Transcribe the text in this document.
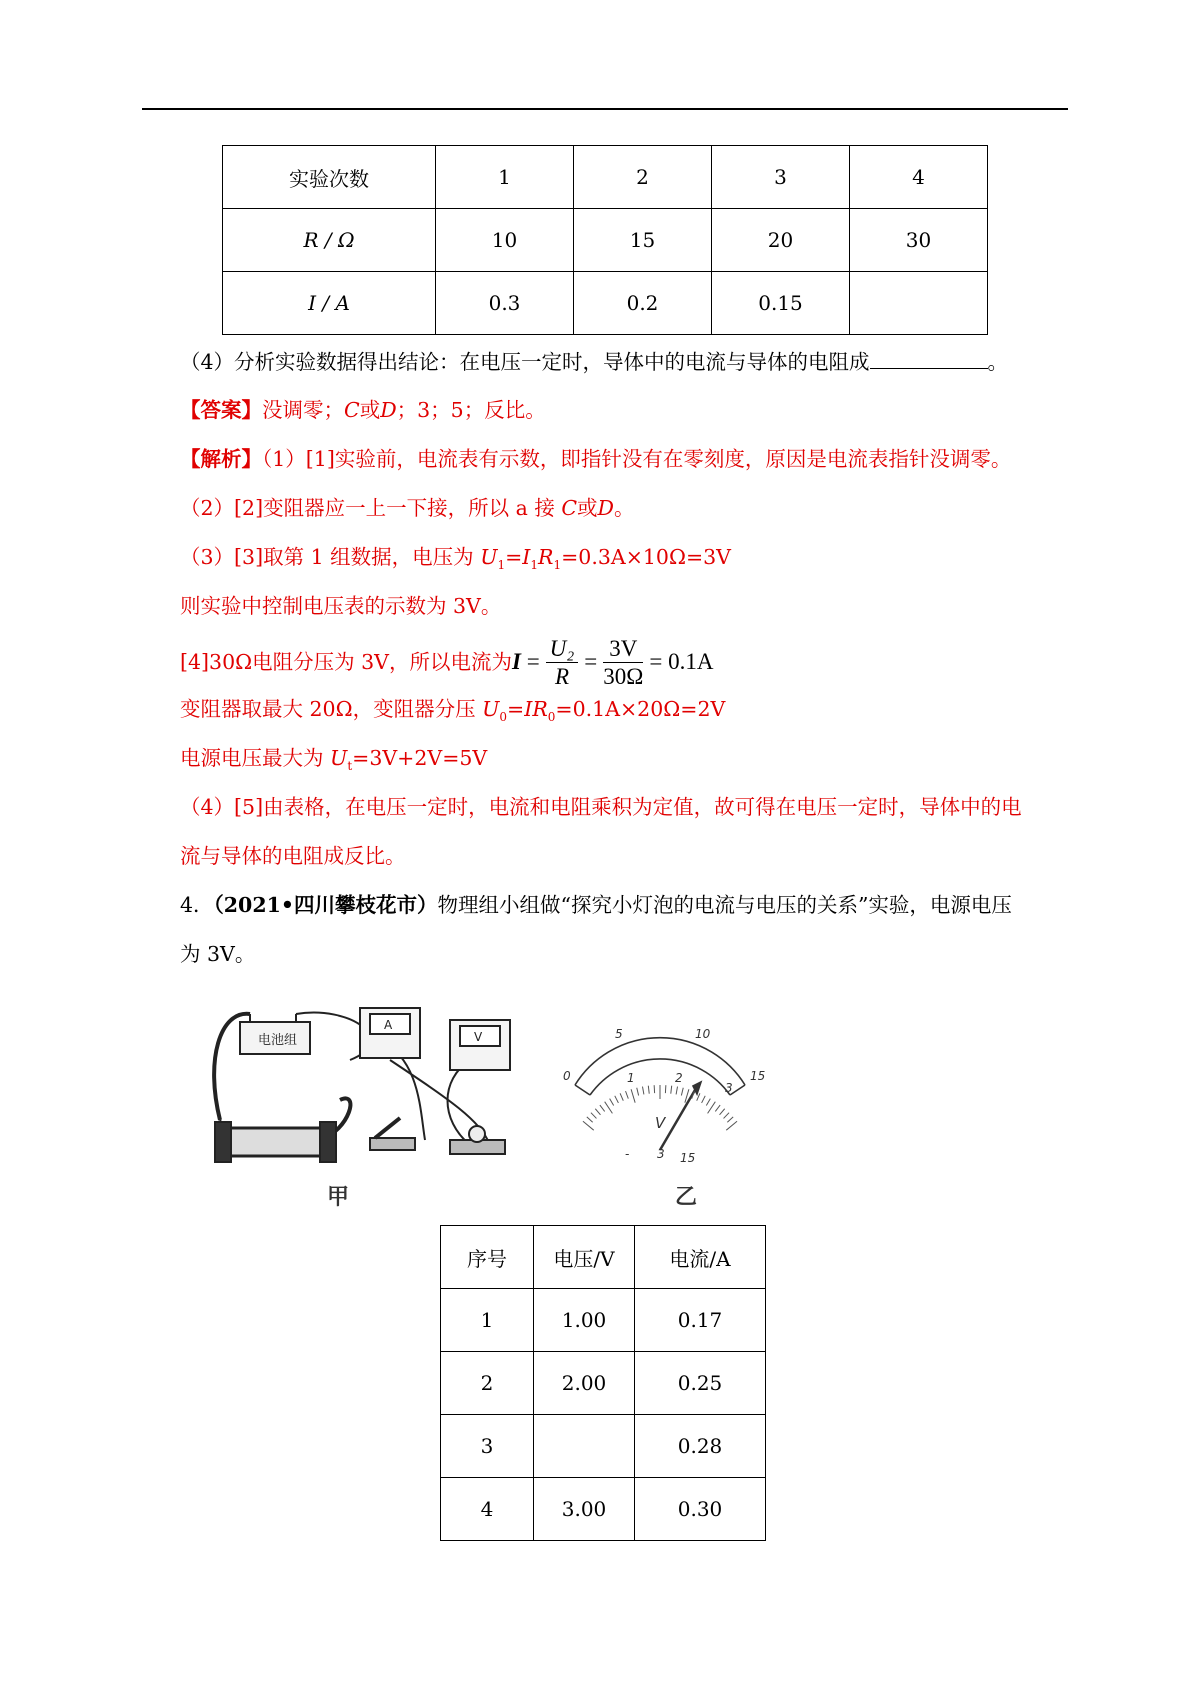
实验次数	1	2	3	4
R / Ω	10	15	20	30
I / A	0.3	0.2	0.15	
（4）分析实验数据得出结论：在电压一定时，导体中的电流与导体的电阻成	。
【答案】没调零；C或D；3；5；反比。
【解析】（1）[1]实验前，电流表有示数，即指针没有在零刻度，原因是电流表指针没调零。
（2）[2]变阻器应一上一下接，所以 a 接 C或D。
（3）[3]取第 1 组数据，电压为 $U_1=I_1R_1=0.3A\times 10\Omega=3V$
则实验中控制电压表的示数为 3V。
[4]30Ω电阻分压为 3V，所以电流为$I = \frac{\text{U₂}}{R} = \frac{3V}{30\Omega} = 0.1A$
变阻器取最大 20Ω，变阻器分压 $U_0=IR_0=0.1A\times 20\Omega=2V$
电源电压最大为 $U_t=3V+2V=5V$
（4）[5]由表格，在电压一定时，电流和电阻乘积为定值，故可得在电压一定时，导体中的电
流与导体的电阻成反比。
4．（2021•四川攀枝花市）物理组小组做“探究小灯泡的电流与电压的关系”实验，电源电压
为 3V。
A
V
电池组
甲
0
5	10
15
1	2
3
V
- 3 15
乙
序号	电压/V	电流/A
1	1.00	0.17
2	2.00	0.25
3		0.28
4	3.00	0.30
